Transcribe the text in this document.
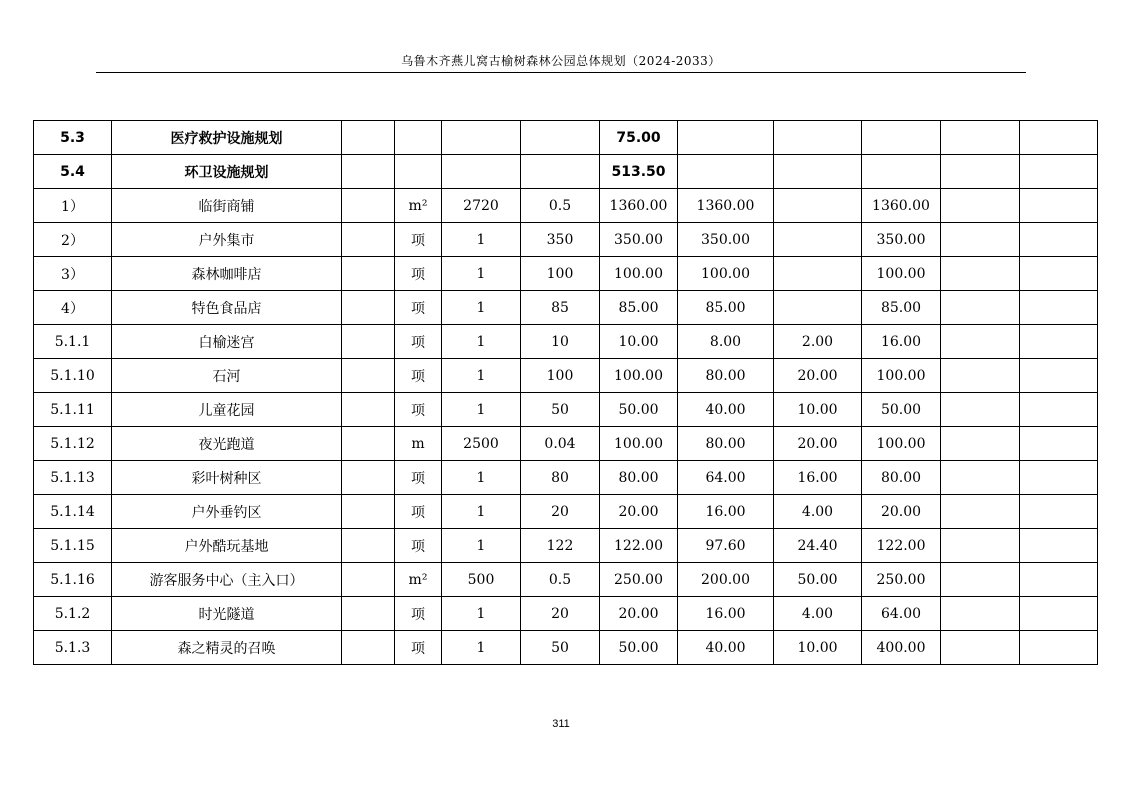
乌鲁木齐燕儿窝古榆树森林公园总体规划（2024-2033）
5.3	医疗救护设施规划					75.00					
5.4	环卫设施规划					513.50					
1）	临街商铺		m²	2720	0.5	1360.00	1360.00		1360.00		
2）	户外集市		项	1	350	350.00	350.00		350.00		
3）	森林咖啡店		项	1	100	100.00	100.00		100.00		
4）	特色食品店		项	1	85	85.00	85.00		85.00		
5.1.1	白榆迷宫		项	1	10	10.00	8.00	2.00	16.00		
5.1.10	石河		项	1	100	100.00	80.00	20.00	100.00		
5.1.11	儿童花园		项	1	50	50.00	40.00	10.00	50.00		
5.1.12	夜光跑道		m	2500	0.04	100.00	80.00	20.00	100.00		
5.1.13	彩叶树种区		项	1	80	80.00	64.00	16.00	80.00		
5.1.14	户外垂钓区		项	1	20	20.00	16.00	4.00	20.00		
5.1.15	户外酷玩基地		项	1	122	122.00	97.60	24.40	122.00		
5.1.16	游客服务中心（主入口）		m²	500	0.5	250.00	200.00	50.00	250.00		
5.1.2	时光隧道		项	1	20	20.00	16.00	4.00	64.00		
5.1.3	森之精灵的召唤		项	1	50	50.00	40.00	10.00	400.00		
311
